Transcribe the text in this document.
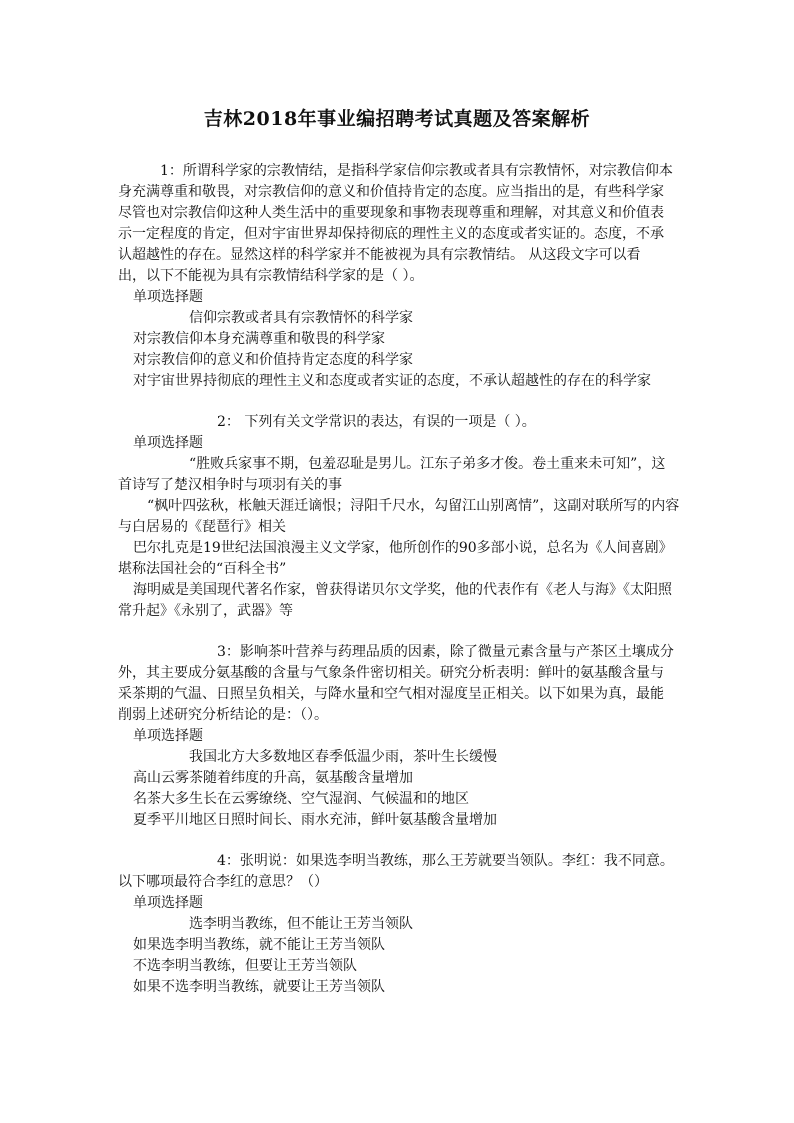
吉林2018年事业编招聘考试真题及答案解析
1：所谓科学家的宗教情结，是指科学家信仰宗教或者具有宗教情怀，对宗教信仰本
身充满尊重和敬畏，对宗教信仰的意义和价值持肯定的态度。应当指出的是，有些科学家
尽管也对宗教信仰这种人类生活中的重要现象和事物表现尊重和理解，对其意义和价值表
示一定程度的肯定，但对宇宙世界却保持彻底的理性主义的态度或者实证的。态度，不承
认超越性的存在。显然这样的科学家并不能被视为具有宗教情结。 从这段文字可以看
出，以下不能视为具有宗教情结科学家的是（ ）。
单项选择题
信仰宗教或者具有宗教情怀的科学家
对宗教信仰本身充满尊重和敬畏的科学家
对宗教信仰的意义和价值持肯定态度的科学家
对宇宙世界持彻底的理性主义和态度或者实证的态度，不承认超越性的存在的科学家
2： 下列有关文学常识的表达，有误的一项是（ ）。
单项选择题
“胜败兵家事不期，包羞忍耻是男儿。江东子弟多才俊。卷土重来未可知”，这
首诗写了楚汉相争时与项羽有关的事
“枫叶四弦秋，枨触天涯迁谪恨；浔阳千尺水，勾留江山别离情”，这副对联所写的内容
与白居易的《琵琶行》相关
巴尔扎克是19世纪法国浪漫主义文学家，他所创作的90多部小说，总名为《人间喜剧》
堪称法国社会的“百科全书”
海明威是美国现代著名作家，曾获得诺贝尔文学奖，他的代表作有《老人与海》《太阳照
常升起》《永别了，武器》等
3：影响茶叶营养与药理品质的因素，除了微量元素含量与产茶区土壤成分
外，其主要成分氨基酸的含量与气象条件密切相关。研究分析表明：鲜叶的氨基酸含量与
采茶期的气温、日照呈负相关，与降水量和空气相对湿度呈正相关。以下如果为真，最能
削弱上述研究分析结论的是：（）。
单项选择题
我国北方大多数地区春季低温少雨，茶叶生长缓慢
高山云雾茶随着纬度的升高，氨基酸含量增加
名茶大多生长在云雾缭绕、空气湿润、气候温和的地区
夏季平川地区日照时间长、雨水充沛，鲜叶氨基酸含量增加
4：张明说：如果选李明当教练，那么王芳就要当领队。李红：我不同意。
以下哪项最符合李红的意思？（）
单项选择题
选李明当教练，但不能让王芳当领队
如果选李明当教练，就不能让王芳当领队
不选李明当教练，但要让王芳当领队
如果不选李明当教练，就要让王芳当领队
